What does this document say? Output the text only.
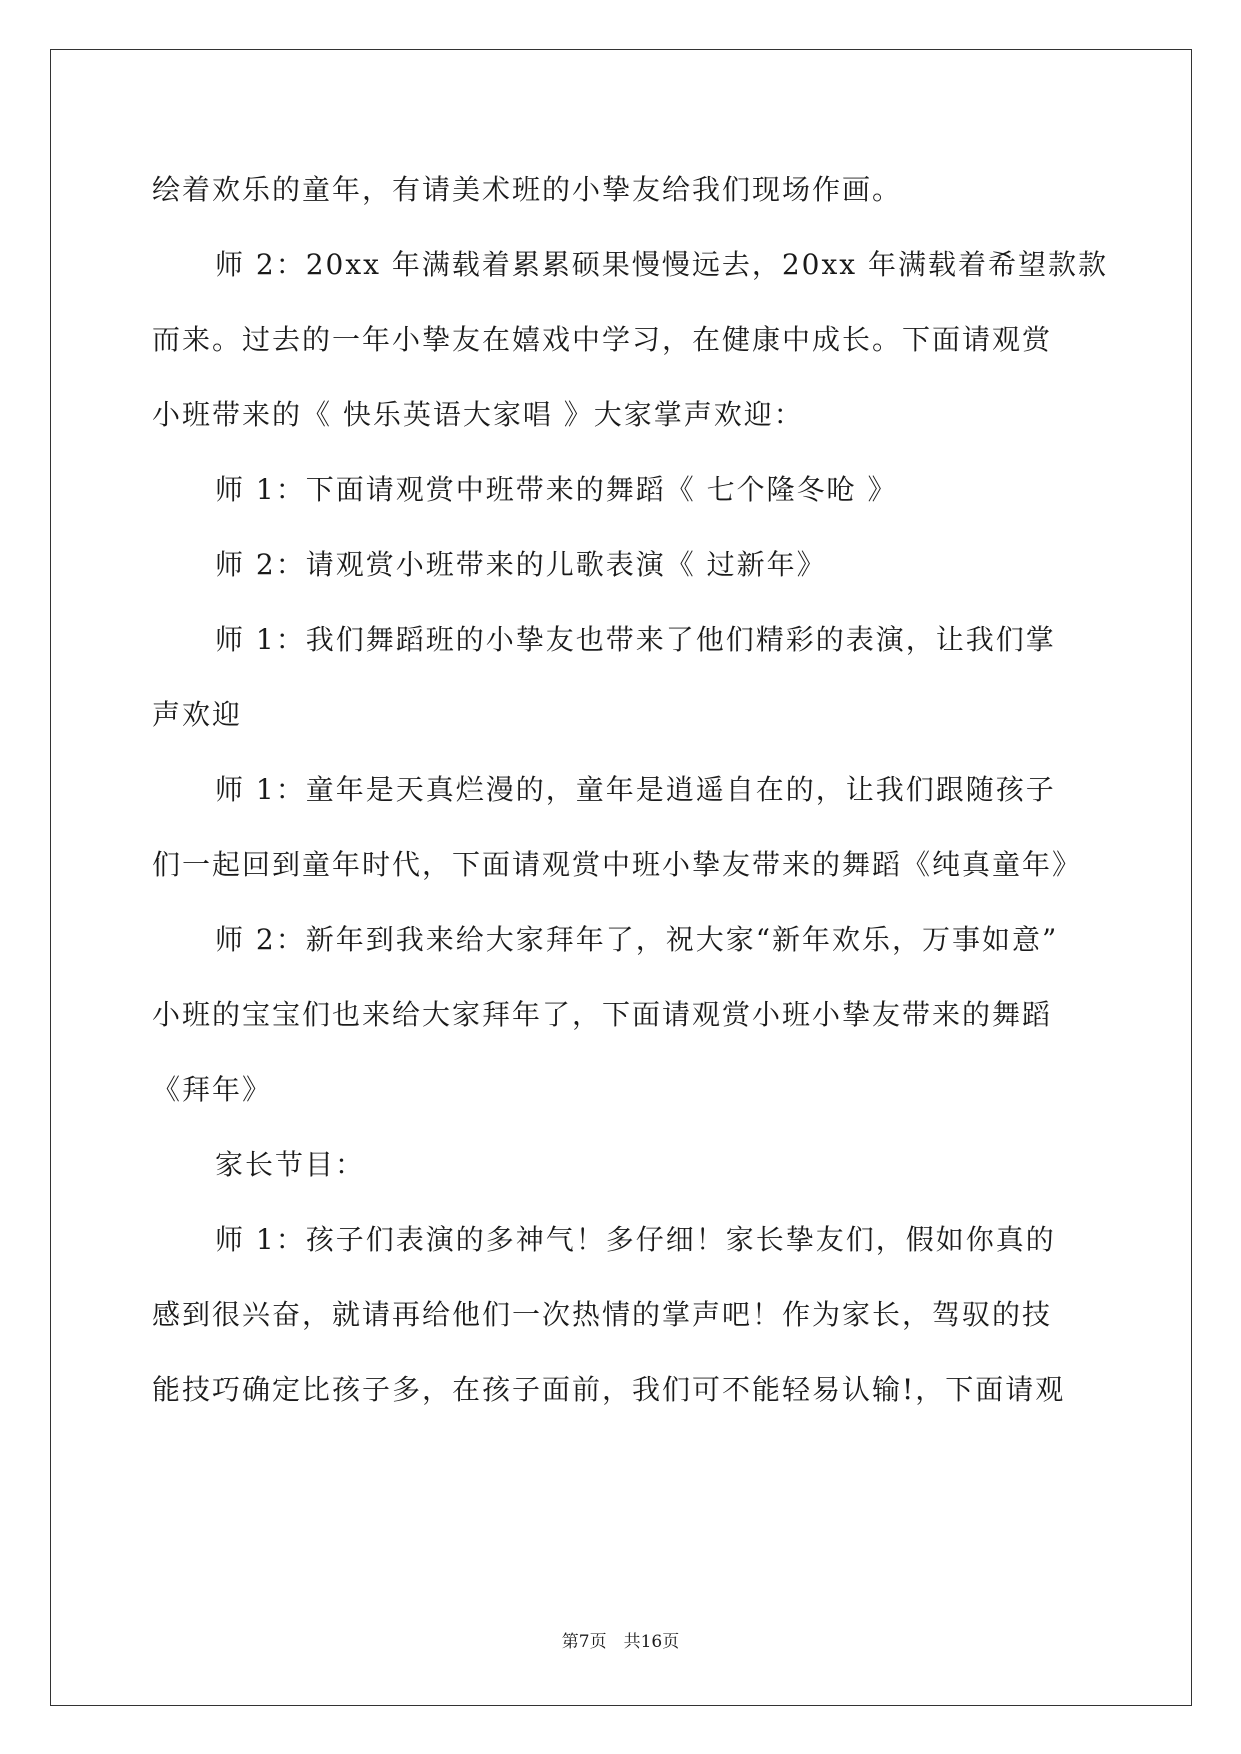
绘着欢乐的童年，有请美术班的小挚友给我们现场作画。
师 2：20xx 年满载着累累硕果慢慢远去，20xx 年满载着希望款款
而来。过去的一年小挚友在嬉戏中学习，在健康中成长。下面请观赏
小班带来的《 快乐英语大家唱 》大家掌声欢迎：
师 1：下面请观赏中班带来的舞蹈《 七个隆冬呛 》
师 2：请观赏小班带来的儿歌表演《 过新年》
师 1：我们舞蹈班的小挚友也带来了他们精彩的表演，让我们掌
声欢迎
师 1：童年是天真烂漫的，童年是逍遥自在的，让我们跟随孩子
们一起回到童年时代，下面请观赏中班小挚友带来的舞蹈《纯真童年》
师 2：新年到我来给大家拜年了，祝大家“新年欢乐，万事如意”
小班的宝宝们也来给大家拜年了，下面请观赏小班小挚友带来的舞蹈
《拜年》
家长节目：
师 1：孩子们表演的多神气！多仔细！家长挚友们，假如你真的
感到很兴奋，就请再给他们一次热情的掌声吧！作为家长，驾驭的技
能技巧确定比孩子多，在孩子面前，我们可不能轻易认输!，下面请观
第7页　共16页
